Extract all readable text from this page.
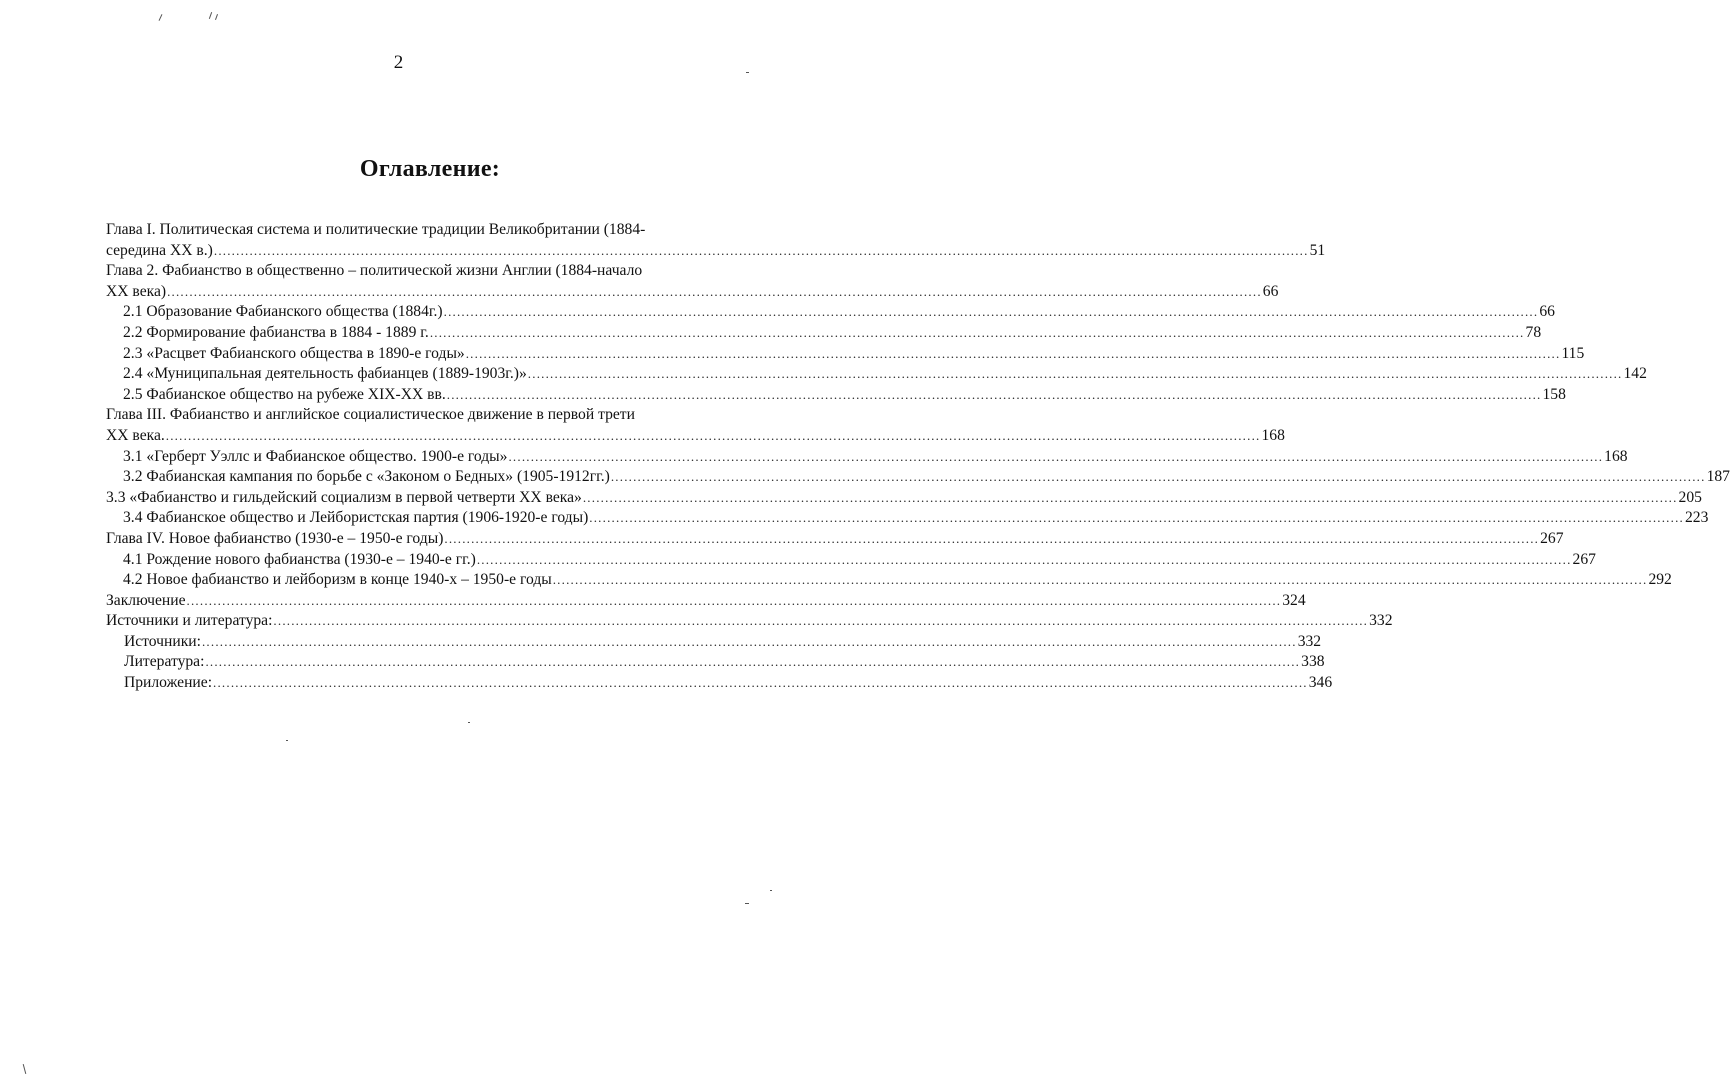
2
Оглавление:
Глава I. Политическая система и политические традиции Великобритании (1884-
середина XX в.) .....	51
Глава 2. Фабианство в общественно – политической жизни Англии (1884-начало
XX века) .....	66
2.1 Образование Фабианского общества (1884г.) .....	66
2.2 Формирование фабианства в 1884 - 1889 г. .....	78
2.3 «Расцвет Фабианского общества в 1890-е годы» .....	115
2.4 «Муниципальная деятельность фабианцев (1889-1903г.)» .....	142
2.5 Фабианское общество на рубеже XIX-XX вв. .....	158
Глава III. Фабианство и английское социалистическое движение в первой трети
XX века. .....	168
3.1 «Герберт Уэллс и Фабианское общество. 1900-е годы» .....	168
3.2 Фабианская кампания по борьбе с «Законом о Бедных» (1905-1912гг.) .....	187
3.3 «Фабианство и гильдейский социализм в первой четверти XX века» .....	205
3.4 Фабианское общество и Лейбористская партия (1906-1920-е годы) .....	223
Глава IV. Новое фабианство (1930-е – 1950-е годы) .....	267
4.1 Рождение нового фабианства (1930-е – 1940-е гг.) .....	267
4.2 Новое фабианство и лейборизм в конце 1940-х – 1950-е годы .....	292
Заключение .....	324
Источники и литература: .....	332
Источники: .....	332
Литература: .....	338
Приложение: .....	346
